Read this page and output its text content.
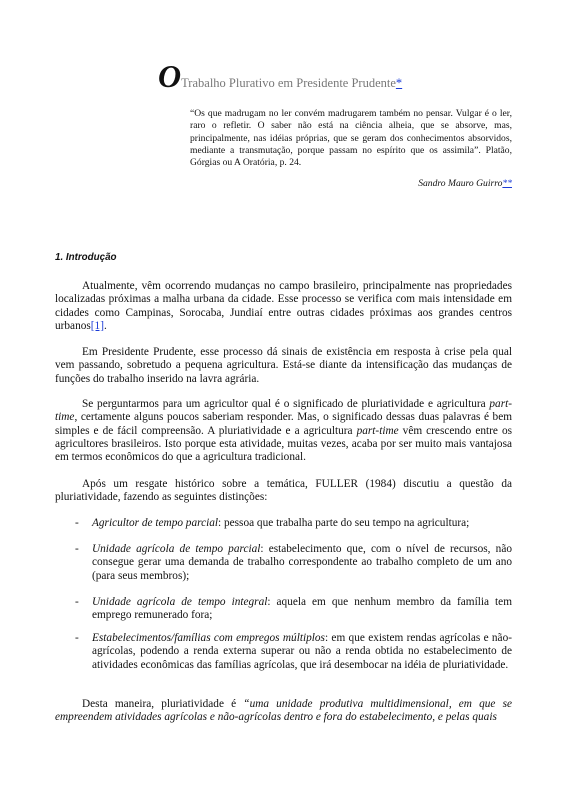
OTrabalho Plurativo em Presidente Prudente*

“Os que madrugam no ler convém madrugarem também no pensar. Vulgar é o ler, raro o refletir. O saber não está na ciência alheia, que se absorve, mas, principalmente, nas idéias próprias, que se geram dos conhecimentos absorvidos, mediante a transmutação, porque passam no espírito que os assimila”. Platão, Górgias ou A Oratória, p. 24.

Sandro Mauro Guirro**
1. Introdução

Atualmente, vêm ocorrendo mudanças no campo brasileiro, principalmente nas propriedades localizadas próximas a malha urbana da cidade. Esse processo se verifica com mais intensidade em cidades como Campinas, Sorocaba, Jundiaí entre outras cidades próximas aos grandes centros urbanos[1].

Em Presidente Prudente, esse processo dá sinais de existência em resposta à crise pela qual vem passando, sobretudo a pequena agricultura. Está-se diante da intensificação das mudanças de funções do trabalho inserido na lavra agrária.

Se perguntarmos para um agricultor qual é o significado de pluriatividade e agricultura part-time, certamente alguns poucos saberiam responder. Mas, o significado dessas duas palavras é bem simples e de fácil compreensão. A pluriatividade e a agricultura part-time vêm crescendo entre os agricultores brasileiros. Isto porque esta atividade, muitas vezes, acaba por ser muito mais vantajosa em termos econômicos do que a agricultura tradicional.

Após um resgate histórico sobre a temática, FULLER (1984) discutiu a questão da pluriatividade, fazendo as seguintes distinções:

- Agricultor de tempo parcial: pessoa que trabalha parte do seu tempo na agricultura;
- Unidade agrícola de tempo parcial: estabelecimento que, com o nível de recursos, não consegue gerar uma demanda de trabalho correspondente ao trabalho completo de um ano (para seus membros);
- Unidade agrícola de tempo integral: aquela em que nenhum membro da família tem emprego remunerado fora;
- Estabelecimentos/famílias com empregos múltiplos: em que existem rendas agrícolas e não-agrícolas, podendo a renda externa superar ou não a renda obtida no estabelecimento de atividades econômicas das famílias agrícolas, que irá desembocar na idéia de pluriatividade.

Desta maneira, pluriatividade é “uma unidade produtiva multidimensional, em que se empreendem atividades agrícolas e não-agrícolas dentro e fora do estabelecimento, e pelas quais
